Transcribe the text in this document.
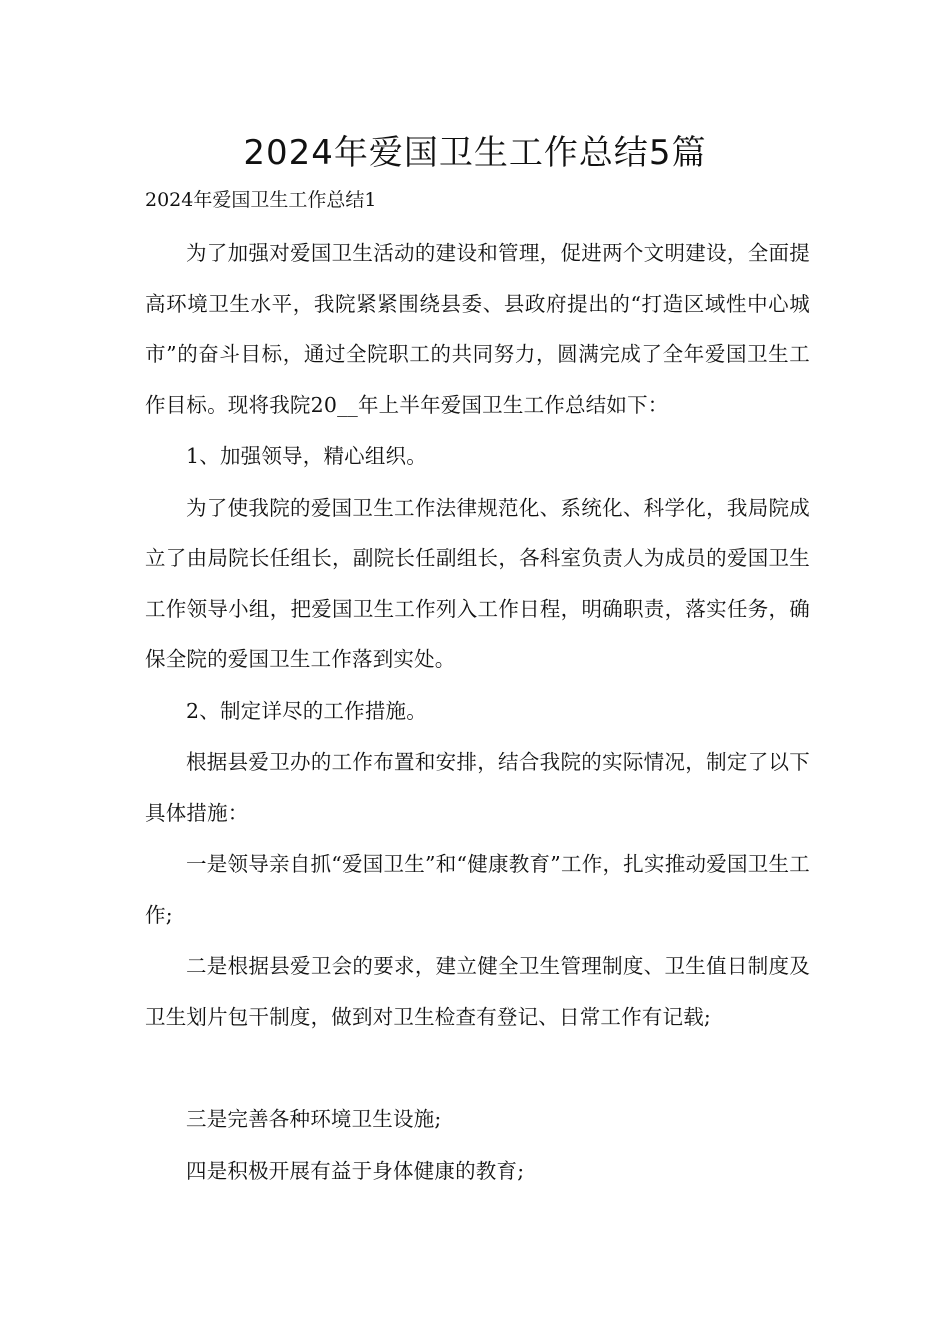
2024年爱国卫生工作总结5篇

2024年爱国卫生工作总结1

为了加强对爱国卫生活动的建设和管理，促进两个文明建设，全面提高环境卫生水平，我院紧紧围绕县委、县政府提出的“打造区域性中心城市”的奋斗目标，通过全院职工的共同努力，圆满完成了全年爱国卫生工作目标。现将我院20__年上半年爱国卫生工作总结如下：

1、加强领导，精心组织。

为了使我院的爱国卫生工作法律规范化、系统化、科学化，我局院成立了由局院长任组长，副院长任副组长，各科室负责人为成员的爱国卫生工作领导小组，把爱国卫生工作列入工作日程，明确职责，落实任务，确保全院的爱国卫生工作落到实处。

2、制定详尽的工作措施。

根据县爱卫办的工作布置和安排，结合我院的实际情况，制定了以下具体措施：

一是领导亲自抓“爱国卫生”和“健康教育”工作，扎实推动爱国卫生工作;

二是根据县爱卫会的要求，建立健全卫生管理制度、卫生值日制度及卫生划片包干制度，做到对卫生检查有登记、日常工作有记载;

三是完善各种环境卫生设施;

四是积极开展有益于身体健康的教育;
